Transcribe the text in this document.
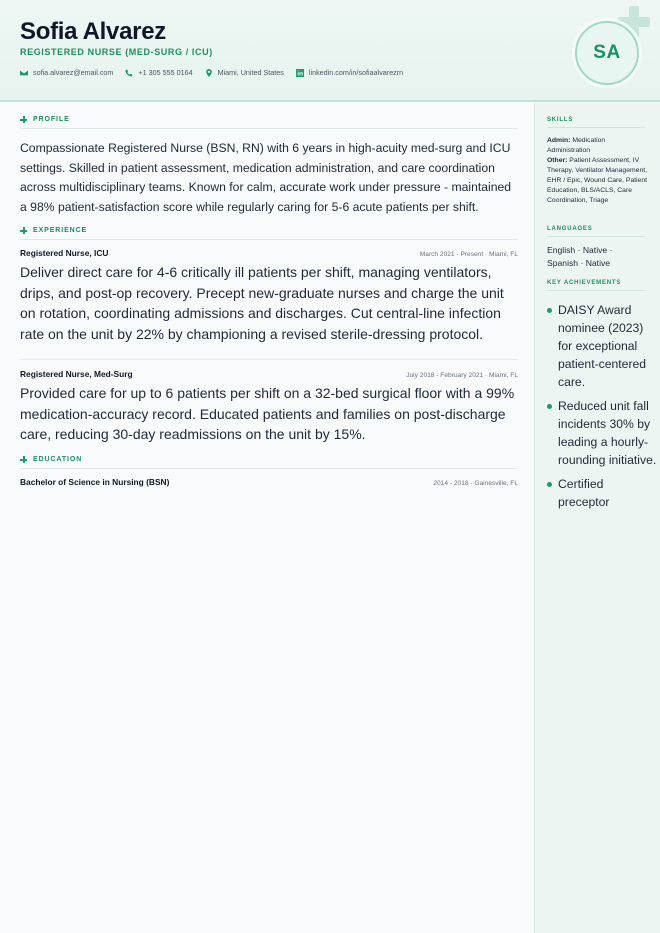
Sofia Alvarez
REGISTERED NURSE (MED-SURG / ICU)
sofia.alvarez@email.com	+1 305 555 0164	Miami, United States	linkedin.com/in/sofiaalvarezrn
SA
PROFILE
Compassionate Registered Nurse (BSN, RN) with 6 years in high-acuity med-surg and ICU settings. Skilled in patient assessment, medication administration, and care coordination across multidisciplinary teams. Known for calm, accurate work under pressure - maintained a 98% patient-satisfaction score while regularly caring for 5-6 acute patients per shift.
EXPERIENCE
Registered Nurse, ICU	March 2021 - Present · Miami, FL
Deliver direct care for 4-6 critically ill patients per shift, managing ventilators, drips, and post-op recovery. Precept new-graduate nurses and charge the unit on rotation, coordinating admissions and discharges. Cut central-line infection rate on the unit by 22% by championing a revised sterile-dressing protocol.
Registered Nurse, Med-Surg	July 2018 - February 2021 · Miami, FL
Provided care for up to 6 patients per shift on a 32-bed surgical floor with a 99% medication-accuracy record. Educated patients and families on post-discharge care, reducing 30-day readmissions on the unit by 15%.
EDUCATION
Bachelor of Science in Nursing (BSN)	2014 - 2018 · Gainesville, FL
SKILLS
Admin: Medication Administration
Other: Patient Assessment, IV Therapy, Ventilator Management, EHR / Epic, Wound Care, Patient Education, BLS/ACLS, Care Coordination, Triage
LANGUAGES
English · Native ·
Spanish · Native
KEY ACHIEVEMENTS
DAISY Award nominee (2023) for exceptional patient-centered care.
Reduced unit fall incidents 30% by leading a hourly-rounding initiative.
Certified preceptor
